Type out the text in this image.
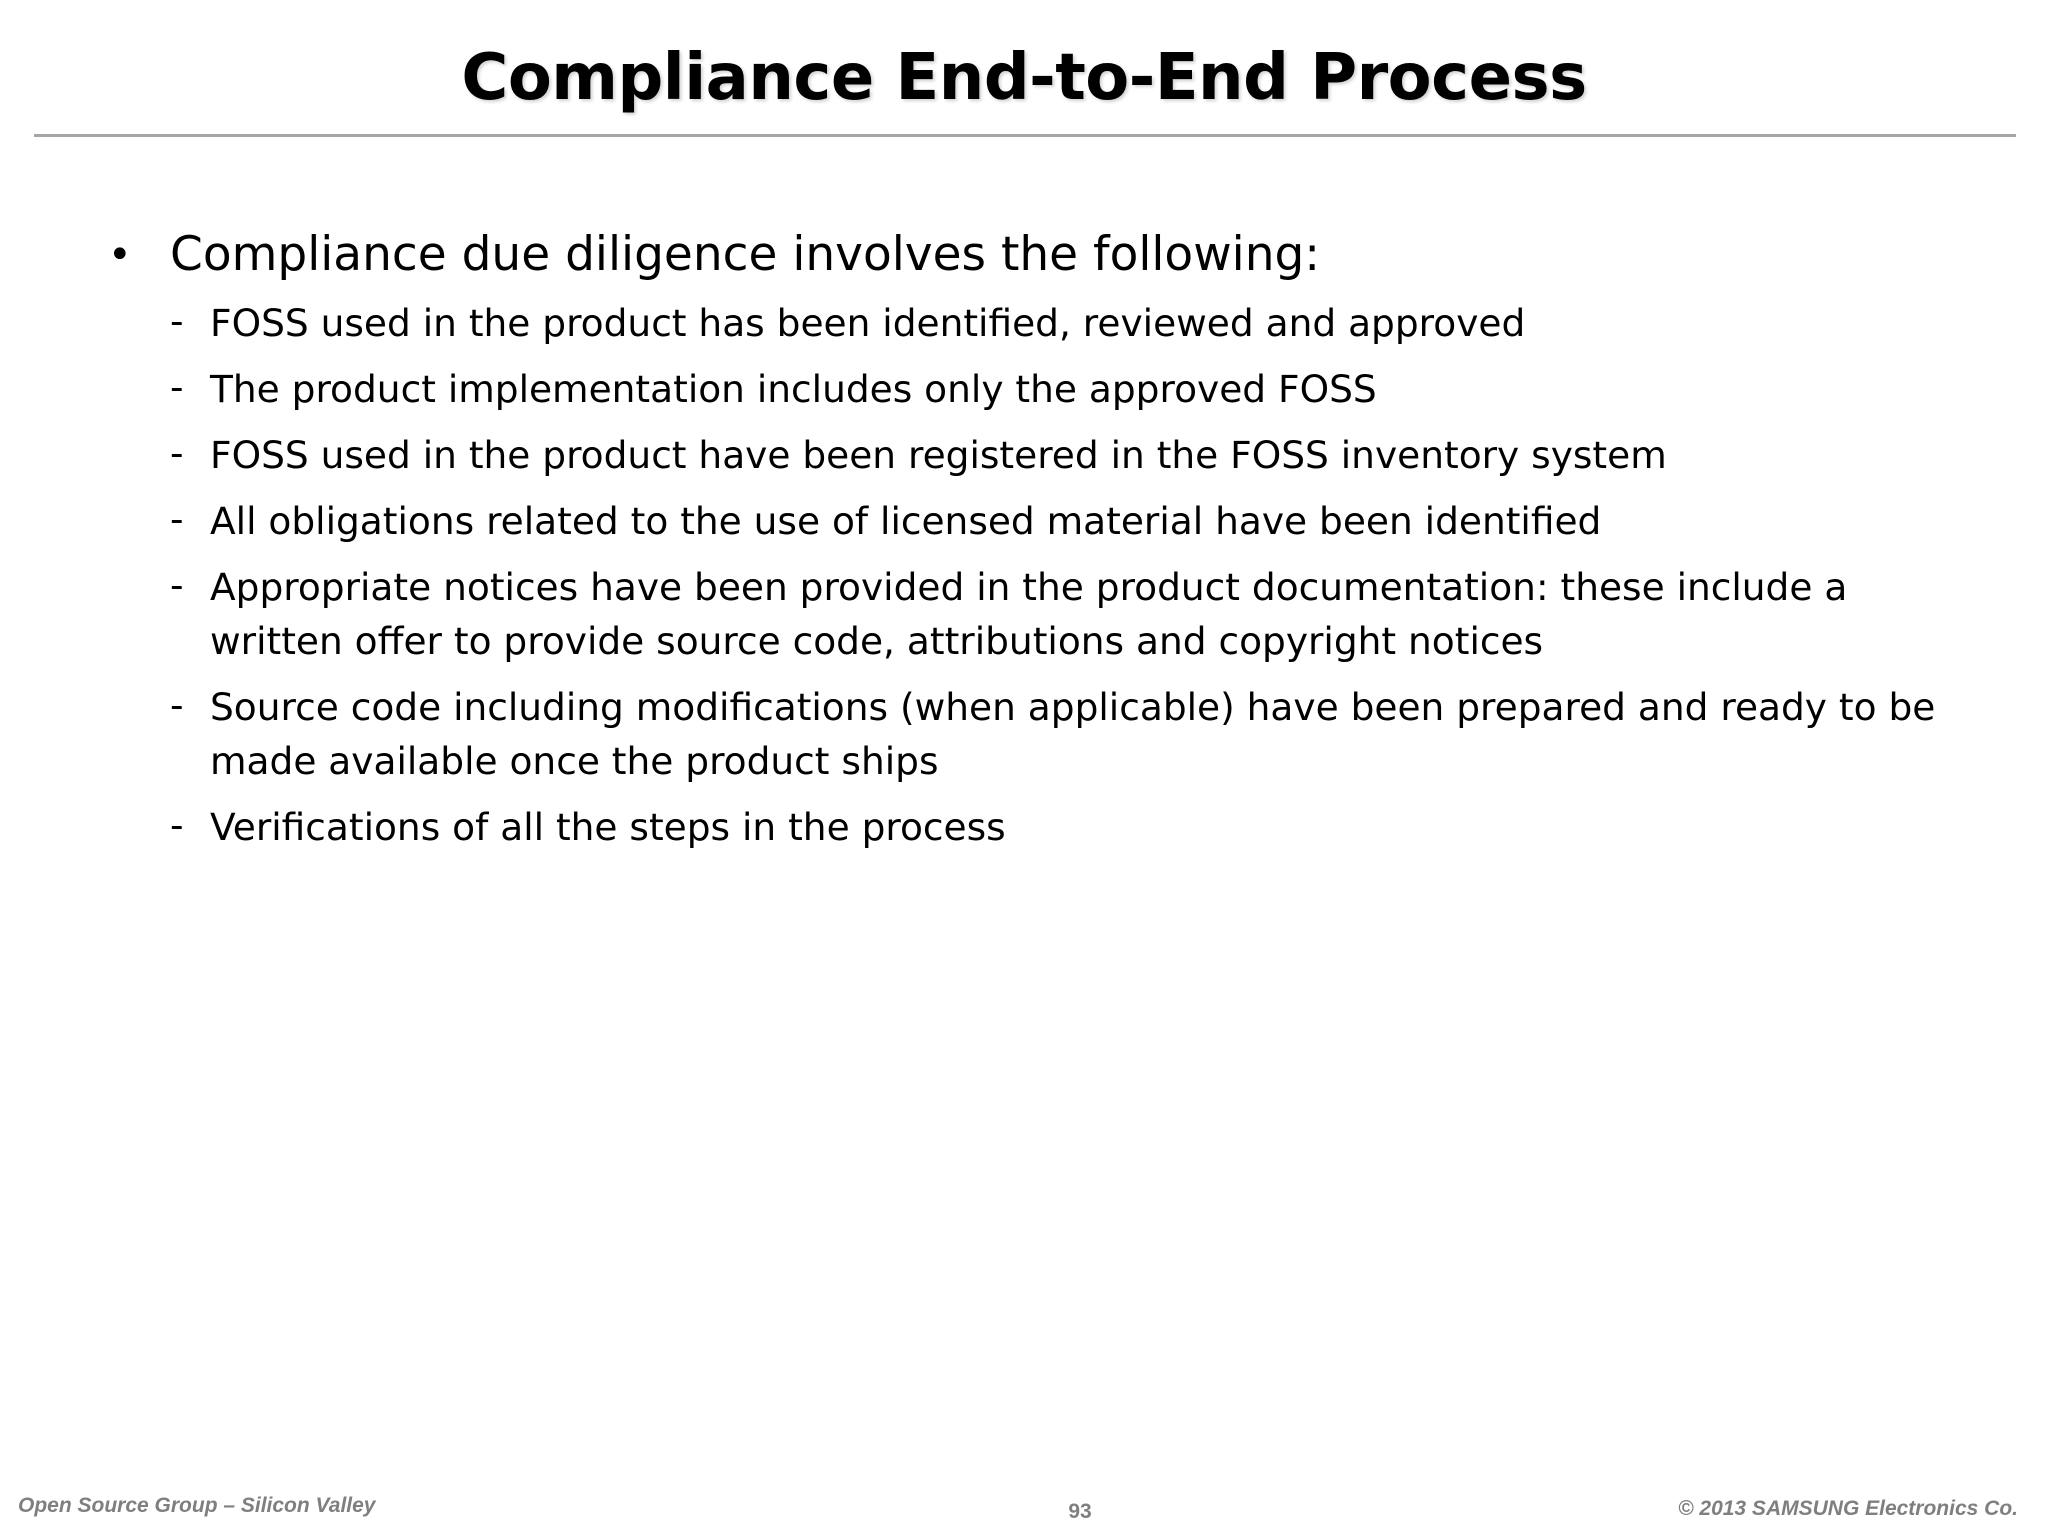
Compliance End-to-End Process
• Compliance due diligence involves the following:
- FOSS used in the product has been identified, reviewed and approved
- The product implementation includes only the approved FOSS
- FOSS used in the product have been registered in the FOSS inventory system
- All obligations related to the use of licensed material have been identified
- Appropriate notices have been provided in the product documentation: these include a written offer to provide source code, attributions and copyright notices
- Source code including modifications (when applicable) have been prepared and ready to be made available once the product ships
- Verifications of all the steps in the process
Open Source Group – Silicon Valley	93	© 2013 SAMSUNG Electronics Co.
